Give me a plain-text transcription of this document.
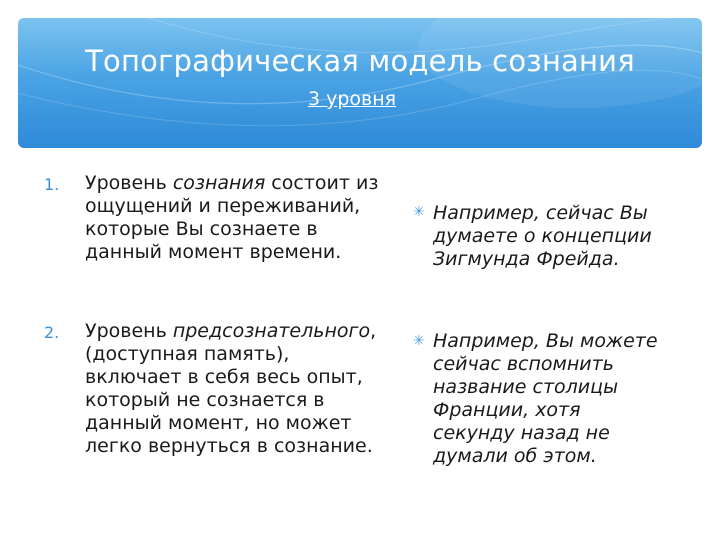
Топографическая модель сознания
3 уровня
1. Уровень сознания состоит из ощущений и переживаний, которые Вы сознаете в данный момент времени.
2. Уровень предсознательного, (доступная память), включает в себя весь опыт, который не сознается в данный момент, но может легко вернуться в сознание.
✳ Например, сейчас Вы думаете о концепции Зигмунда Фрейда.
✳ Например, Вы можете сейчас вспомнить название столицы Франции, хотя секунду назад не думали об этом.
